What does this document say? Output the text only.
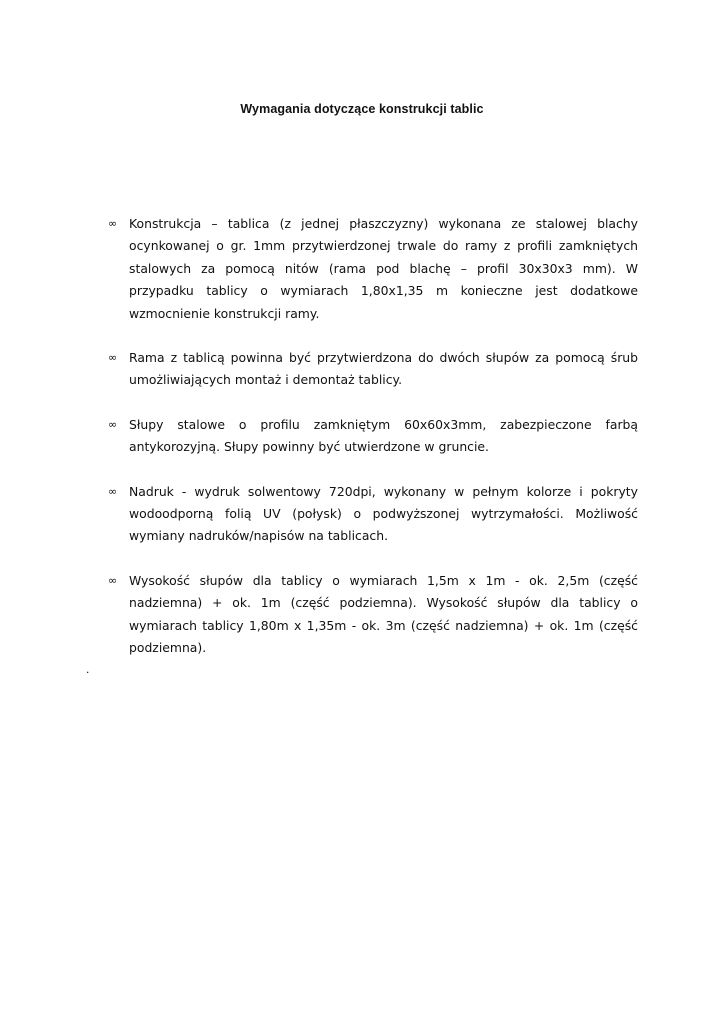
Wymagania dotyczące konstrukcji tablic
∞ Konstrukcja – tablica (z jednej płaszczyzny) wykonana ze stalowej blachy ocynkowanej o gr. 1mm przytwierdzonej trwale do ramy z profili zamkniętych stalowych za pomocą nitów (rama pod blachę – profil 30x30x3 mm). W przypadku tablicy o wymiarach 1,80x1,35 m konieczne jest dodatkowe wzmocnienie konstrukcji ramy.
∞ Rama z tablicą powinna być przytwierdzona do dwóch słupów za pomocą śrub umożliwiających montaż i demontaż tablicy.
∞ Słupy stalowe o profilu zamkniętym 60x60x3mm, zabezpieczone farbą antykorozyjną. Słupy powinny być utwierdzone w gruncie.
∞ Nadruk - wydruk solwentowy 720dpi, wykonany w pełnym kolorze i pokryty wodoodporną folią UV (połysk) o podwyższonej wytrzymałości. Możliwość wymiany nadruków/napisów na tablicach.
∞ Wysokość słupów dla tablicy o wymiarach 1,5m x 1m - ok. 2,5m (część nadziemna) + ok. 1m (część podziemna). Wysokość słupów dla tablicy o wymiarach tablicy 1,80m x 1,35m - ok. 3m (część nadziemna) + ok. 1m (część podziemna).
.
